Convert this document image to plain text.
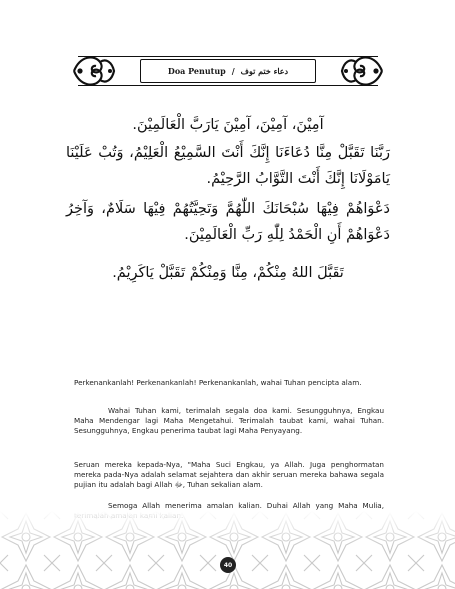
Doa Penutup / دعاء ختم توف
آمِيْنَ، آمِيْنَ، آمِيْنَ يَارَبَّ الْعَالَمِيْنَ.
رَبَّنَا تَقَبَّلْ مِنَّا دُعَاءَنَا إِنَّكَ أَنْتَ السَّمِيْعُ الْعَلِيْمُ، وَتُبْ عَلَيْنَا يَامَوْلَانَا إِنَّكَ أَنْتَ التَّوَّابُ الرَّحِيْمُ.
دَعْوَاهُمْ فِيْهَا سُبْحَانَكَ اللّٰهُمَّ وَتَحِيَّتُهُمْ فِيْهَا سَلَامٌ، وَآخِرُ دَعْوَاهُمْ أَنِ الْحَمْدُ لِلّٰهِ رَبِّ الْعَالَمِيْنَ.
تَقَبَّلَ اللهُ مِنْكُمْ، مِنَّا وَمِنْكُمْ تَقَبَّلْ يَاكَرِيْمُ.
Perkenankanlah! Perkenankanlah! Perkenankanlah, wahai Tuhan pencipta alam.
Wahai Tuhan kami, terimalah segala doa kami. Sesungguhnya, Engkau Maha Mendengar lagi Maha Mengetahui. Terimalah taubat kami, wahai Tuhan. Sesungguhnya, Engkau penerima taubat lagi Maha Penyayang.
Seruan mereka kepada-Nya, "Maha Suci Engkau, ya Allah. Juga penghormatan mereka pada-Nya adalah selamat sejahtera dan akhir seruan mereka bahawa segala pujian itu adalah bagi Allah ﷻ, Tuhan sekalian alam.
Semoga Allah menerima amalan kalian. Duhai Allah yang Maha Mulia,
40
